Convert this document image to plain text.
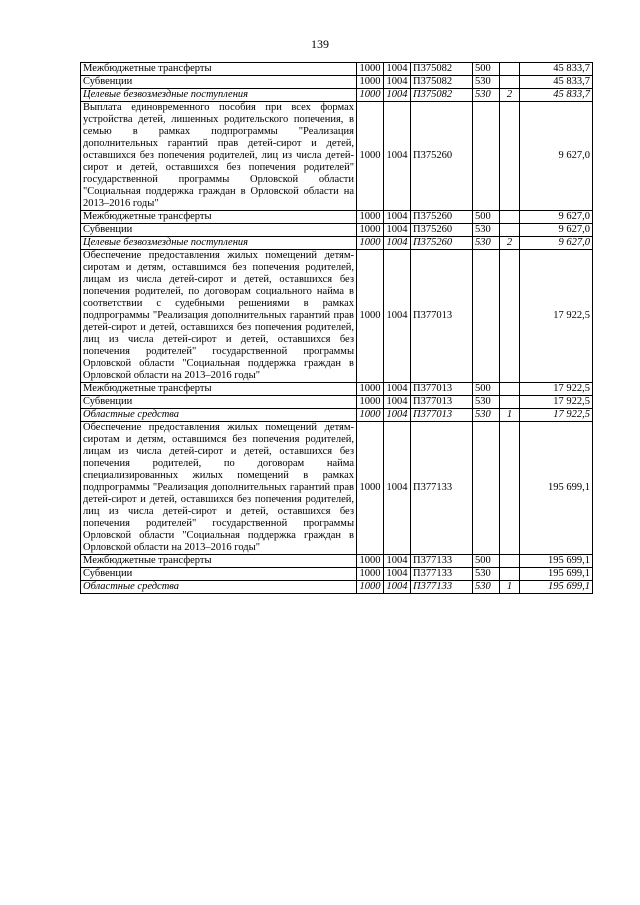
139
Межбюджетные трансферты	1000	1004	П375082	500		45 833,7
Субвенции	1000	1004	П375082	530		45 833,7
Целевые безвозмездные поступления	1000	1004	П375082	530	2	45 833,7
Выплата единовременного пособия при всех формах устройства детей, лишенных родительского попечения, в семью в рамках подпрограммы "Реализация дополнительных гарантий прав детей-сирот и детей, оставшихся без попечения родителей, лиц из числа детей-сирот и детей, оставшихся без попечения родителей" государственной программы Орловской области "Социальная поддержка граждан в Орловской области на 2013–2016 годы"	1000	1004	П375260			9 627,0
Межбюджетные трансферты	1000	1004	П375260	500		9 627,0
Субвенции	1000	1004	П375260	530		9 627,0
Целевые безвозмездные поступления	1000	1004	П375260	530	2	9 627,0
Обеспечение предоставления жилых помещений детям-сиротам и детям, оставшимся без попечения родителей, лицам из числа детей-сирот и детей, оставшихся без попечения родителей, по договорам социального найма в соответствии с судебными решениями в рамках подпрограммы "Реализация дополнительных гарантий прав детей-сирот и детей, оставшихся без попечения родителей, лиц из числа детей-сирот и детей, оставшихся без попечения родителей" государственной программы Орловской области "Социальная поддержка граждан в Орловской области на 2013–2016 годы"	1000	1004	П377013			17 922,5
Межбюджетные трансферты	1000	1004	П377013	500		17 922,5
Субвенции	1000	1004	П377013	530		17 922,5
Областные средства	1000	1004	П377013	530	1	17 922,5
Обеспечение предоставления жилых помещений детям-сиротам и детям, оставшимся без попечения родителей, лицам из числа детей-сирот и детей, оставшихся без попечения родителей, по договорам найма специализированных жилых помещений в рамках подпрограммы "Реализация дополнительных гарантий прав детей-сирот и детей, оставшихся без попечения родителей, лиц из числа детей-сирот и детей, оставшихся без попечения родителей" государственной программы Орловской области "Социальная поддержка граждан в Орловской области на 2013–2016 годы"	1000	1004	П377133			195 699,1
Межбюджетные трансферты	1000	1004	П377133	500		195 699,1
Субвенции	1000	1004	П377133	530		195 699,1
Областные средства	1000	1004	П377133	530	1	195 699,1
